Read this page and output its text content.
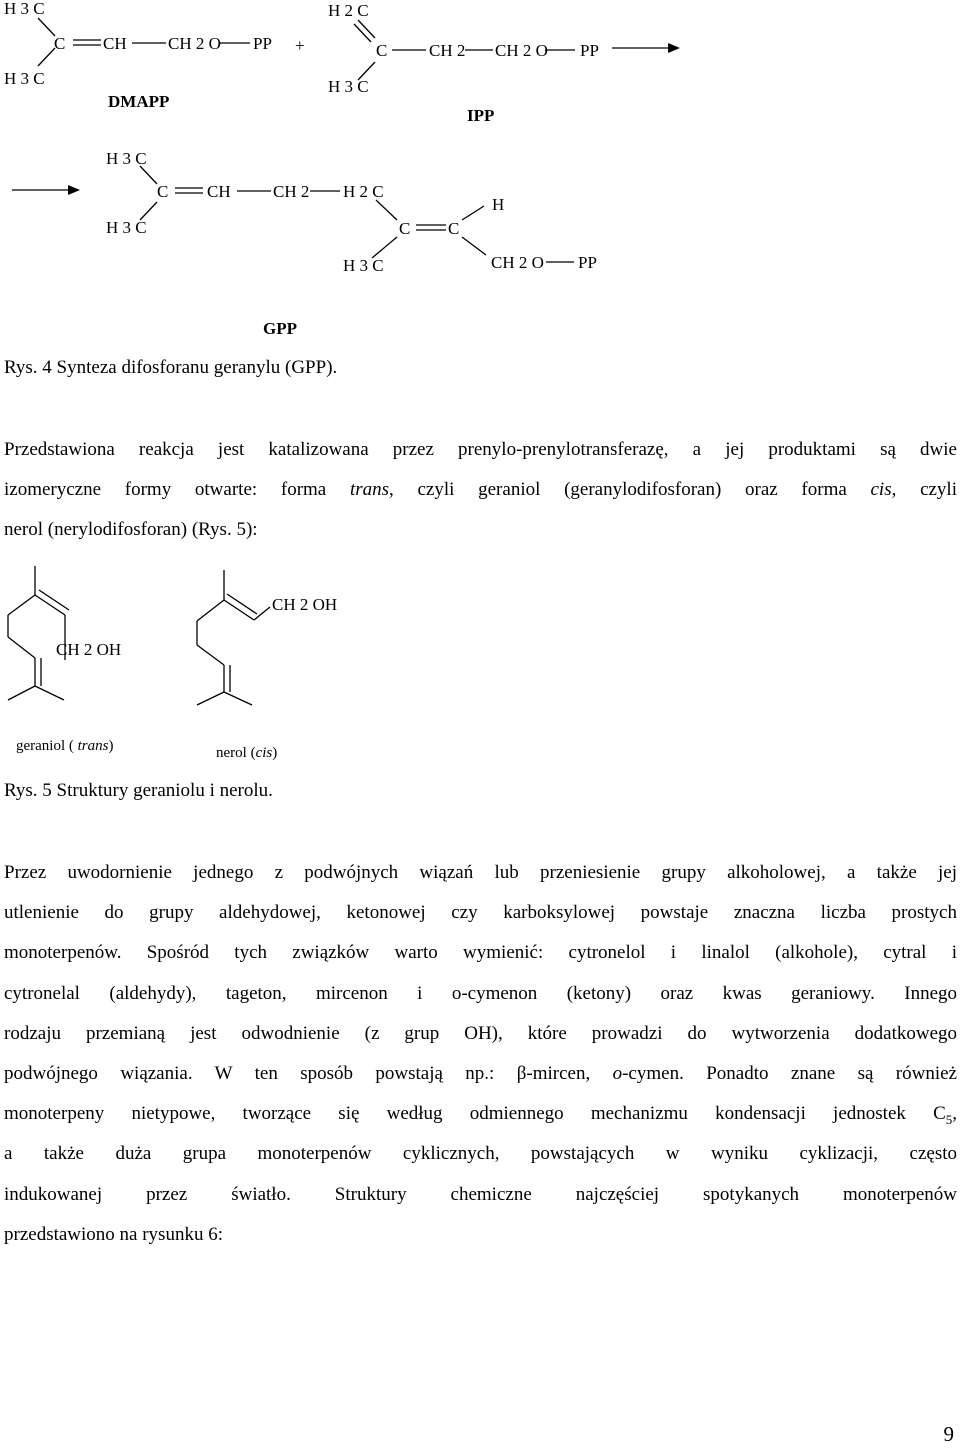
H 3 C
H 3 C
C CH CH 2 O PP +
DMAPP
H 2 C
C CH 2 CH 2 O PP
H 3 C
IPP
H 3 C
H 3 C
C CH CH 2 H 2 C
C C
H
H 3 C	CH 2 O PP
GPP
Rys. 4 Synteza difosforanu geranylu (GPP).
Przedstawiona reakcja jest katalizowana przez prenylo-prenylotransferazę, a jej produktami są dwie
izomeryczne formy otwarte: forma trans, czyli geraniol (geranylodifosforan) oraz forma cis, czyli
nerol (nerylodifosforan) (Rys. 5):
CH 2 OH
CH 2 OH
geraniol ( trans)	nerol (cis)
Rys. 5 Struktury geraniolu i nerolu.
Przez uwodornienie jednego z podwójnych wiązań lub przeniesienie grupy alkoholowej, a także jej
utlenienie do grupy aldehydowej, ketonowej czy karboksylowej powstaje znaczna liczba prostych
monoterpenów. Spośród tych związków warto wymienić: cytronelol i linalol (alkohole), cytral i
cytronelal (aldehydy), tageton, mircenon i o-cymenon (ketony) oraz kwas geraniowy. Innego
rodzaju przemianą jest odwodnienie (z grup OH), które prowadzi do wytworzenia dodatkowego
podwójnego wiązania. W ten sposób powstają np.: β-mircen, o-cymen. Ponadto znane są również
monoterpeny nietypowe, tworzące się według odmiennego mechanizmu kondensacji jednostek $C_5$,
a także duża grupa monoterpenów cyklicznych, powstających w wyniku cyklizacji, często
indukowanej przez światło. Struktury chemiczne najczęściej spotykanych monoterpenów
przedstawiono na rysunku 6:
9
